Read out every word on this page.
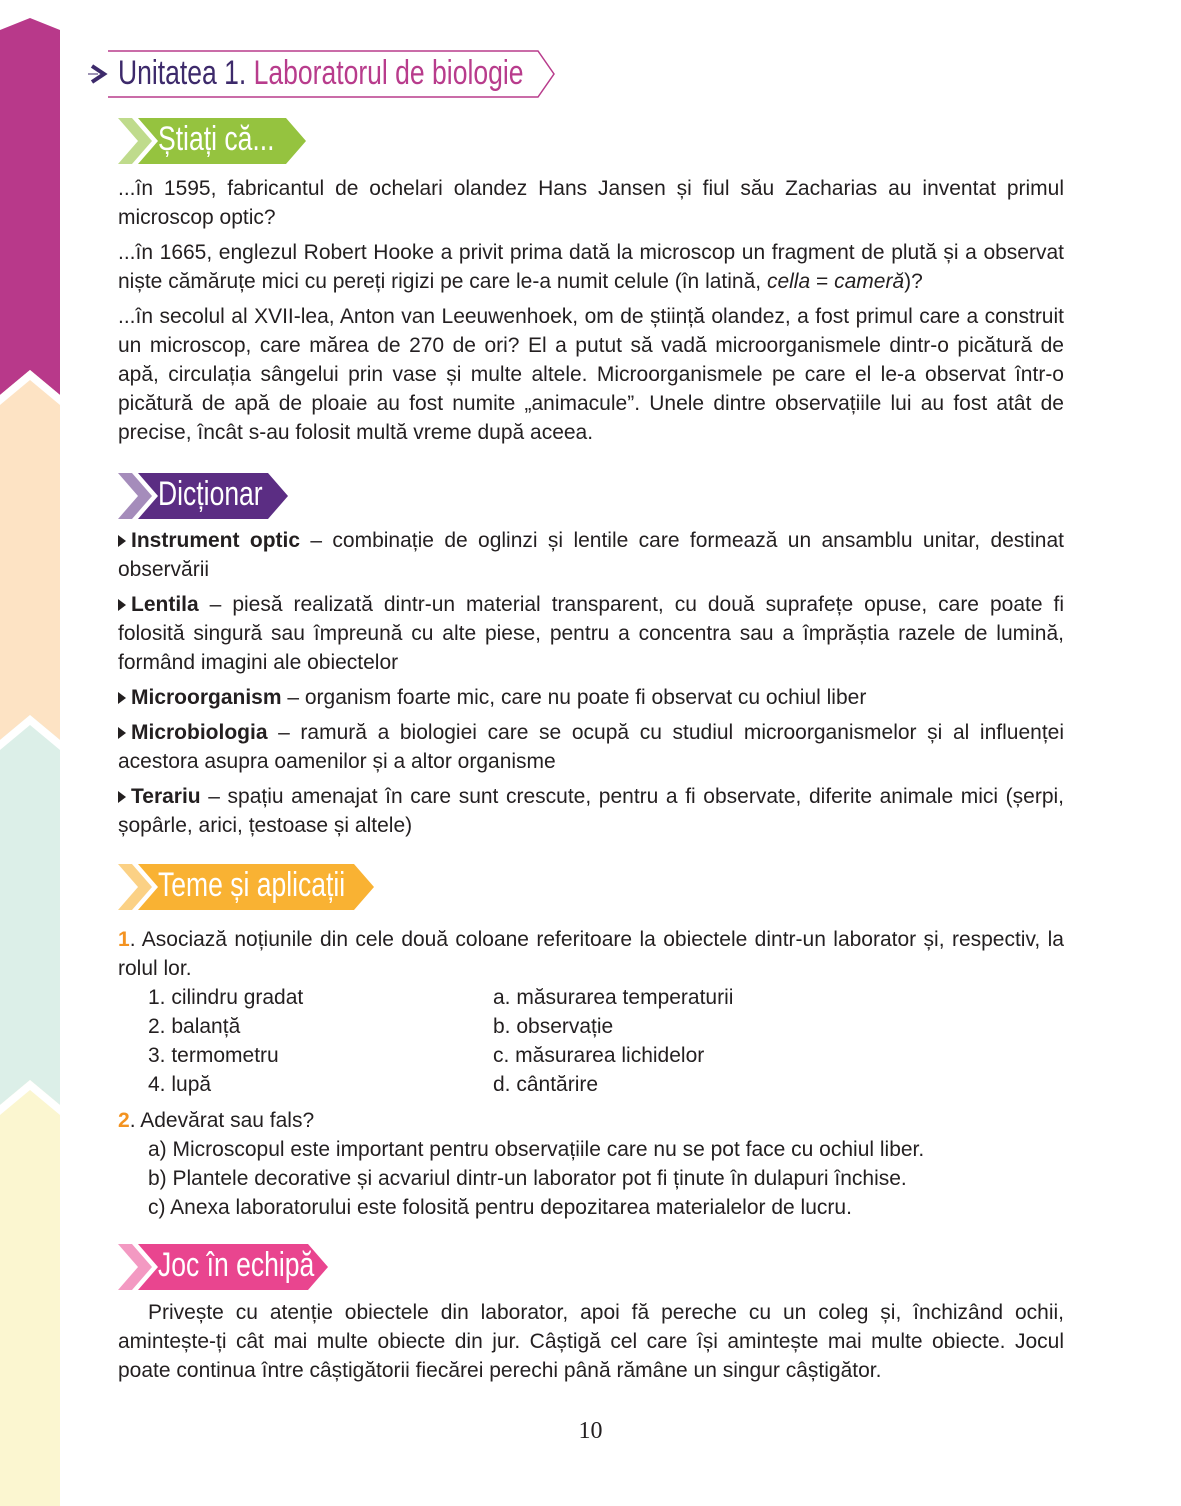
Unitatea 1. Laboratorul de biologie
Știați că...

...în 1595, fabricantul de ochelari olandez Hans Jansen și fiul său Zacharias au inventat primul microscop optic?

...în 1665, englezul Robert Hooke a privit prima dată la microscop un fragment de plută și a observat niște cămăruțe mici cu pereți rigizi pe care le-a numit celule (în latină, cella = cameră)?

...în secolul al XVII-lea, Anton van Leeuwenhoek, om de știință olandez, a fost primul care a construit un microscop, care mărea de 270 de ori? El a putut să vadă microorganismele dintr-o picătură de apă, circulația sângelui prin vase și multe altele. Microorganismele pe care el le-a observat într-o picătură de apă de ploaie au fost numite „animacule”. Unele dintre observațiile lui au fost atât de precise, încât s-au folosit multă vreme după aceea.

Dicționar

Instrument optic – combinație de oglinzi și lentile care formează un ansamblu unitar, destinat observării

Lentila – piesă realizată dintr-un material transparent, cu două suprafețe opuse, care poate fi folosită singură sau împreună cu alte piese, pentru a concentra sau a împrăștia razele de lumină, formând imagini ale obiectelor

Microorganism – organism foarte mic, care nu poate fi observat cu ochiul liber

Microbiologia – ramură a biologiei care se ocupă cu studiul microorganismelor și al influenței acestora asupra oamenilor și a altor organisme

Terariu – spațiu amenajat în care sunt crescute, pentru a fi observate, diferite animale mici (șerpi, șopârle, arici, țestoase și altele)

Teme și aplicații

1. Asociază noțiunile din cele două coloane referitoare la obiectele dintr-un laborator și, respectiv, la rolul lor.

1. cilindru gradat	a. măsurarea temperaturii
2. balanță	b. observație
3. termometru	c. măsurarea lichidelor
4. lupă	d. cântărire

2. Adevărat sau fals?

a) Microscopul este important pentru observațiile care nu se pot face cu ochiul liber.
b) Plantele decorative și acvariul dintr-un laborator pot fi ținute în dulapuri închise.
c) Anexa laboratorului este folosită pentru depozitarea materialelor de lucru.
Joc în echipă

Privește cu atenție obiectele din laborator, apoi fă pereche cu un coleg și, închizând ochii, amintește-ți cât mai multe obiecte din jur. Câștigă cel care își amintește mai multe obiecte. Jocul poate continua între câștigătorii fiecărei perechi până rămâne un singur câștigător.

10
